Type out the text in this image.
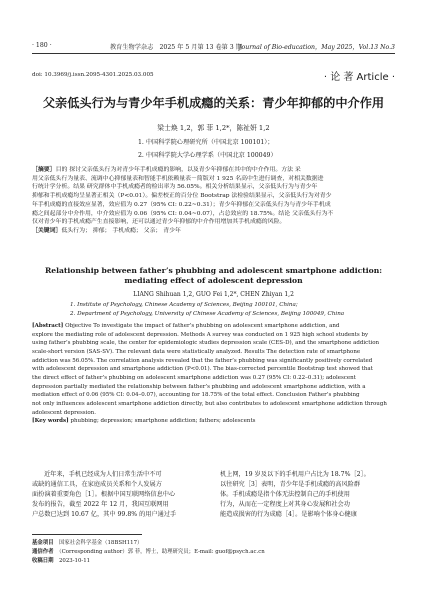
· 180 ·	教育生物学杂志　2025 年 5 月第 13 卷第 3 期
Journal of Bio-education，May 2025，Vol.13 No.3
doi: 10.3969/j.issn.2095-4301.2025.03.005	· 论 著 Article ·
父亲低头行为与青少年手机成瘾的关系：青少年抑郁的中介作用
梁士焕 1,2，郭 菲 1,2*，陈祉妍 1,2
1. 中国科学院心理研究所（中国北京 100101）；
2. 中国科学院大学心理学系（中国北京 100049）

［摘要］目的 探讨父亲低头行为对青少年手机成瘾的影响，以及青少年抑郁在其中的中介作用。方法 采

用父亲低头行为量表、流调中心抑郁量表和智能手机依赖量表－简版对 1 925 名高中生进行调查，对相关数据进

行统计学分析。结果 研究群体中手机成瘾者的检出率为 56.05%。相关分析结果显示，父亲低头行为与青少年

抑郁和手机成瘾均呈显著正相关（P<0.01）。偏差校正的百分位 Bootstrap 法检验结果显示，父亲低头行为对青少

年手机成瘾的直接效应显著，效应值为 0.27（95% CI: 0.22~0.31）；青少年抑郁在父亲低头行为与青少年手机成

瘾之间起部分中介作用，中介效应值为 0.06（95% CI: 0.04~0.07），占总效应的 18.75%。结论 父亲低头行为不

仅对青少年的手机成瘾产生直接影响，还可以通过青少年抑郁的中介作用增加其手机成瘾的风险。

［关键词］低头行为； 抑郁； 手机成瘾； 父亲； 青少年

Relationship between father’s phubbing and adolescent smartphone addiction:
mediating effect of adolescent depression
LIANG Shihuan 1,2, GUO Fei 1,2*, CHEN Zhiyan 1,2
1. Institute of Psychology, Chinese Academy of Sciences, Beijing 100101, China;
2. Department of Psychology, University of Chinese Academy of Sciences, Beijing 100049, China

[Abstract] Objective To investigate the impact of father’s phubbing on adolescent smartphone addiction, and

explore the mediating role of adolescent depression. Methods A survey was conducted on 1 925 high school students by

using father’s phubbing scale, the center for epidemiologic studies depression scale (CES-D), and the smartphone addiction

scale-short version (SAS-SV). The relevant data were statistically analyzed. Results The detection rate of smartphone

addiction was 56.05%. The correlation analysis revealed that the father’s phubbing was significantly positively correlated

with adolescent depression and smartphone addiction (P<0.01). The bias-corrected percentile Bootstrap test showed that

the direct effect of father’s phubbing on adolescent smartphone addiction was 0.27 (95% CI: 0.22–0.31); adolescent

depression partially mediated the relationship between father’s phubbing and adolescent smartphone addiction, with a

mediation effect of 0.06 (95% CI: 0.04–0.07), accounting for 18.75% of the total effect. Conclusion Father’s phubbing

not only influences adolescent smartphone addiction directly, but also contributes to adolescent smartphone addiction through

adolescent depression.

[Key words] phubbing; depression; smartphone addiction; fathers; adolescents

近年来，手机已经成为人们日常生活中不可

或缺的通信工具，在家庭成员关系和个人发展方

面扮演着重要角色［1］。根据中国互联网络信息中心

发布的报告，截至 2022 年 12 月，我国互联网用

户总数已达到 10.67 亿，其中 99.8% 的用户通过手

机上网，19 岁及以下的手机用户占比为 18.7%［2］。

以往研究［3］表明，青少年是手机成瘾的高风险群

体。手机成瘾是指个体无法控制自己的手机使用

行为，从而在一定程度上对其身心发展和社会功

能造成损害的行为成瘾［4］。是影响个体身心健康

基金项目　 国家社会科学基金（18BSH117）
通信作者　 （Corresponding author）郭 菲，博士，助理研究员；E-mail: guof@psych.ac.cn
收稿日期　 2023-10-11
